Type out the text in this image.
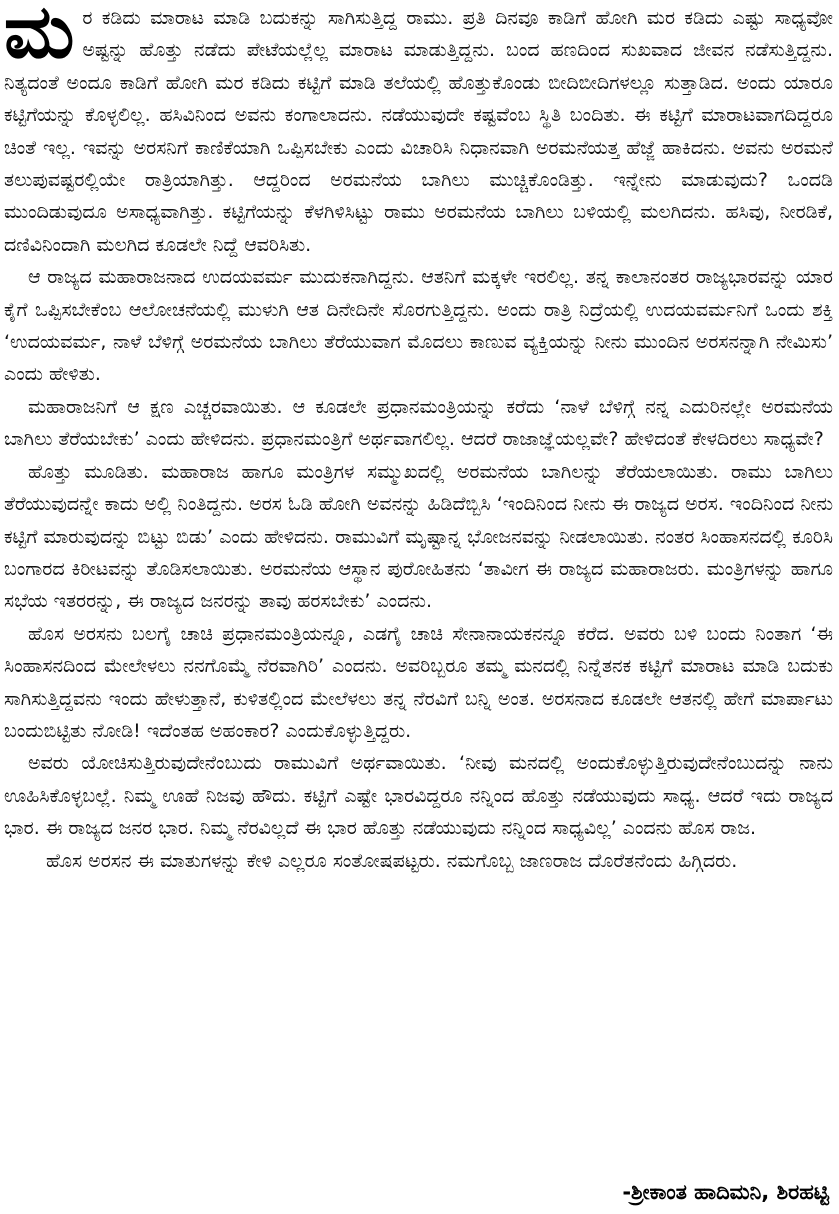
ಮರ ಕಡಿದು ಮಾರಾಟ ಮಾಡಿ ಬದುಕನ್ನು ಸಾಗಿಸುತ್ತಿದ್ದ ರಾಮು. ಪ್ರತಿ ದಿನವೂ ಕಾಡಿಗೆ ಹೋಗಿ ಮರ ಕಡಿದು ಎಷ್ಟು ಸಾಧ್ಯವೋ ಅಷ್ಟನ್ನು ಹೊತ್ತು ನಡೆದು ಪೇಟೆಯಲ್ಲೆಲ್ಲ ಮಾರಾಟ ಮಾಡುತ್ತಿದ್ದನು. ಬಂದ ಹಣದಿಂದ ಸುಖವಾದ ಜೀವನ ನಡೆಸುತ್ತಿದ್ದನು. ನಿತ್ಯದಂತೆ ಅಂದೂ ಕಾಡಿಗೆ ಹೋಗಿ ಮರ ಕಡಿದು ಕಟ್ಟಿಗೆ ಮಾಡಿ ತಲೆಯಲ್ಲಿ ಹೊತ್ತುಕೊಂಡು ಬೀದಿಬೀದಿಗಳಲ್ಲೂ ಸುತ್ತಾಡಿದ. ಅಂದು ಯಾರೂ ಕಟ್ಟಿಗೆಯನ್ನು ಕೊಳ್ಳಲಿಲ್ಲ. ಹಸಿವಿನಿಂದ ಅವನು ಕಂಗಾಲಾದನು. ನಡೆಯುವುದೇ ಕಷ್ಟವೆಂಬ ಸ್ಥಿತಿ ಬಂದಿತು. ಈ ಕಟ್ಟಿಗೆ ಮಾರಾಟವಾಗದಿದ್ದರೂ ಚಿಂತೆ ಇಲ್ಲ. ಇವನ್ನು ಅರಸನಿಗೆ ಕಾಣಿಕೆಯಾಗಿ ಒಪ್ಪಿಸಬೇಕು ಎಂದು ವಿಚಾರಿಸಿ ನಿಧಾನವಾಗಿ ಅರಮನೆಯತ್ತ ಹೆಜ್ಜೆ ಹಾಕಿದನು. ಅವನು ಅರಮನೆ ತಲುಪುವಷ್ಟರಲ್ಲಿಯೇ ರಾತ್ರಿಯಾಗಿತ್ತು. ಆದ್ದರಿಂದ ಅರಮನೆಯ ಬಾಗಿಲು ಮುಚ್ಚಿಕೊಂಡಿತ್ತು. ಇನ್ನೇನು ಮಾಡುವುದು? ಒಂದಡಿ ಮುಂದಿಡುವುದೂ ಅಸಾಧ್ಯವಾಗಿತ್ತು. ಕಟ್ಟಿಗೆಯನ್ನು ಕೆಳಗಿಳಿಸಿಟ್ಟು ರಾಮು ಅರಮನೆಯ ಬಾಗಿಲು ಬಳಿಯಲ್ಲಿ ಮಲಗಿದನು. ಹಸಿವು, ನೀರಡಿಕೆ, ದಣಿವಿನಿಂದಾಗಿ ಮಲಗಿದ ಕೂಡಲೇ ನಿದ್ದೆ ಆವರಿಸಿತು.

ಆ ರಾಜ್ಯದ ಮಹಾರಾಜನಾದ ಉದಯವರ್ಮ ಮುದುಕನಾಗಿದ್ದನು. ಆತನಿಗೆ ಮಕ್ಕಳೇ ಇರಲಿಲ್ಲ. ತನ್ನ ಕಾಲಾನಂತರ ರಾಜ್ಯಭಾರವನ್ನು ಯಾರ ಕೈಗೆ ಒಪ್ಪಿಸಬೇಕೆಂಬ ಆಲೋಚನೆಯಲ್ಲಿ ಮುಳುಗಿ ಆತ ದಿನೇದಿನೇ ಸೊರಗುತ್ತಿದ್ದನು. ಅಂದು ರಾತ್ರಿ ನಿದ್ರೆಯಲ್ಲಿ ಉದಯವರ್ಮನಿಗೆ ಒಂದು ಶಕ್ತಿ ‘ಉದಯವರ್ಮ, ನಾಳೆ ಬೆಳಿಗ್ಗೆ ಅರಮನೆಯ ಬಾಗಿಲು ತೆರೆಯುವಾಗ ಮೊದಲು ಕಾಣುವ ವ್ಯಕ್ತಿಯನ್ನು ನೀನು ಮುಂದಿನ ಅರಸನನ್ನಾಗಿ ನೇಮಿಸು’ ಎಂದು ಹೇಳಿತು.

ಮಹಾರಾಜನಿಗೆ ಆ ಕ್ಷಣ ಎಚ್ಚರವಾಯಿತು. ಆ ಕೂಡಲೇ ಪ್ರಧಾನಮಂತ್ರಿಯನ್ನು ಕರೆದು ‘ನಾಳೆ ಬೆಳಿಗ್ಗೆ ನನ್ನ ಎದುರಿನಲ್ಲೇ ಅರಮನೆಯ ಬಾಗಿಲು ತೆರೆಯಬೇಕು’ ಎಂದು ಹೇಳಿದನು. ಪ್ರಧಾನಮಂತ್ರಿಗೆ ಅರ್ಥವಾಗಲಿಲ್ಲ. ಆದರೆ ರಾಜಾಜ್ಞೆಯಲ್ಲವೇ? ಹೇಳಿದಂತೆ ಕೇಳದಿರಲು ಸಾಧ್ಯವೇ?

ಹೊತ್ತು ಮೂಡಿತು. ಮಹಾರಾಜ ಹಾಗೂ ಮಂತ್ರಿಗಳ ಸಮ್ಮುಖದಲ್ಲಿ ಅರಮನೆಯ ಬಾಗಿಲನ್ನು ತೆರೆಯಲಾಯಿತು. ರಾಮು ಬಾಗಿಲು ತೆರೆಯುವುದನ್ನೇ ಕಾದು ಅಲ್ಲಿ ನಿಂತಿದ್ದನು. ಅರಸ ಓಡಿ ಹೋಗಿ ಅವನನ್ನು ಹಿಡಿದೆಬ್ಬಿಸಿ ‘ಇಂದಿನಿಂದ ನೀನು ಈ ರಾಜ್ಯದ ಅರಸ. ಇಂದಿನಿಂದ ನೀನು ಕಟ್ಟಿಗೆ ಮಾರುವುದನ್ನು ಬಿಟ್ಟು ಬಿಡು’ ಎಂದು ಹೇಳಿದನು. ರಾಮುವಿಗೆ ಮೃಷ್ಟಾನ್ನ ಭೋಜನವನ್ನು ನೀಡಲಾಯಿತು. ನಂತರ ಸಿಂಹಾಸನದಲ್ಲಿ ಕೂರಿಸಿ ಬಂಗಾರದ ಕಿರೀಟವನ್ನು ತೊಡಿಸಲಾಯಿತು. ಅರಮನೆಯ ಆಸ್ಥಾನ ಪುರೋಹಿತನು ‘ತಾವೀಗ ಈ ರಾಜ್ಯದ ಮಹಾರಾಜರು. ಮಂತ್ರಿಗಳನ್ನು ಹಾಗೂ ಸಭೆಯ ಇತರರನ್ನು, ಈ ರಾಜ್ಯದ ಜನರನ್ನು ತಾವು ಹರಸಬೇಕು’ ಎಂದನು.

ಹೊಸ ಅರಸನು ಬಲಗೈ ಚಾಚಿ ಪ್ರಧಾನಮಂತ್ರಿಯನ್ನೂ, ಎಡಗೈ ಚಾಚಿ ಸೇನಾನಾಯಕನನ್ನೂ ಕರೆದ. ಅವರು ಬಳಿ ಬಂದು ನಿಂತಾಗ ‘ಈ ಸಿಂಹಾಸನದಿಂದ ಮೇಲೇಳಲು ನನಗೊಮ್ಮೆ ನೆರವಾಗಿರಿ’ ಎಂದನು. ಅವರಿಬ್ಬರೂ ತಮ್ಮ ಮನದಲ್ಲಿ ನಿನ್ನೆತನಕ ಕಟ್ಟಿಗೆ ಮಾರಾಟ ಮಾಡಿ ಬದುಕು ಸಾಗಿಸುತ್ತಿದ್ದವನು ಇಂದು ಹೇಳುತ್ತಾನೆ, ಕುಳಿತಲ್ಲಿಂದ ಮೇಲೆಳಲು ತನ್ನ ನೆರವಿಗೆ ಬನ್ನಿ ಅಂತ. ಅರಸನಾದ ಕೂಡಲೇ ಆತನಲ್ಲಿ ಹೇಗೆ ಮಾರ್ಪಾಟು ಬಂದುಬಿಟ್ಟಿತು ನೋಡಿ! ಇದೆಂತಹ ಅಹಂಕಾರ? ಎಂದುಕೊಳ್ಳುತ್ತಿದ್ದರು.

ಅವರು ಯೋಚಿಸುತ್ತಿರುವುದೇನೆಂಬುದು ರಾಮುವಿಗೆ ಅರ್ಥವಾಯಿತು. ‘ನೀವು ಮನದಲ್ಲಿ ಅಂದುಕೊಳ್ಳುತ್ತಿರುವುದೇನೆಂಬುದನ್ನು ನಾನು ಊಹಿಸಿಕೊಳ್ಳಬಲ್ಲೆ. ನಿಮ್ಮ ಊಹೆ ನಿಜವು ಹೌದು. ಕಟ್ಟಿಗೆ ಎಷ್ಟೇ ಭಾರವಿದ್ದರೂ ನನ್ನಿಂದ ಹೊತ್ತು ನಡೆಯುವುದು ಸಾಧ್ಯ. ಆದರೆ ಇದು ರಾಜ್ಯದ ಭಾರ. ಈ ರಾಜ್ಯದ ಜನರ ಭಾರ. ನಿಮ್ಮ ನೆರವಿಲ್ಲದೆ ಈ ಭಾರ ಹೊತ್ತು ನಡೆಯುವುದು ನನ್ನಿಂದ ಸಾಧ್ಯವಿಲ್ಲ’ ಎಂದನು ಹೊಸ ರಾಜ.

ಹೊಸ ಅರಸನ ಈ ಮಾತುಗಳನ್ನು ಕೇಳಿ ಎಲ್ಲರೂ ಸಂತೋಷಪಟ್ಟರು. ನಮಗೊಬ್ಬ ಜಾಣರಾಜ ದೊರೆತನೆಂದು ಹಿಗ್ಗಿದರು.

-ಶ್ರೀಕಾಂತ ಹಾದಿಮನಿ, ಶಿರಹಟ್ಟಿ
